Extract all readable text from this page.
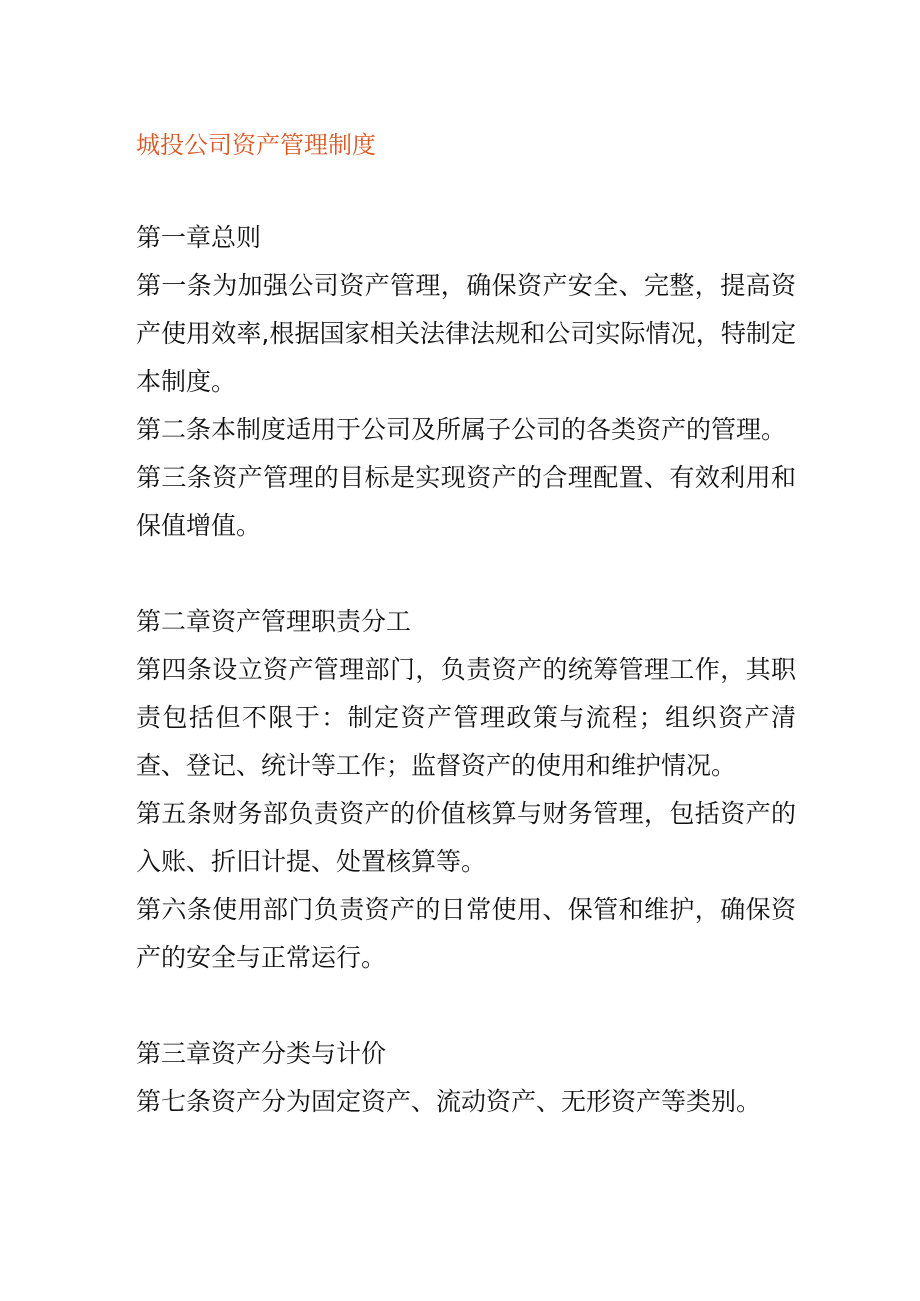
城投公司资产管理制度
第一章总则

第一条为加强公司资产管理，确保资产安全、完整，提高资产使用效率,根据国家相关法律法规和公司实际情况，特制定本制度。

第二条本制度适用于公司及所属子公司的各类资产的管理。

第三条资产管理的目标是实现资产的合理配置、有效利用和保值增值。

第二章资产管理职责分工

第四条设立资产管理部门，负责资产的统筹管理工作，其职责包括但不限于：制定资产管理政策与流程；组织资产清查、登记、统计等工作；监督资产的使用和维护情况。

第五条财务部负责资产的价值核算与财务管理，包括资产的入账、折旧计提、处置核算等。

第六条使用部门负责资产的日常使用、保管和维护，确保资产的安全与正常运行。

第三章资产分类与计价

第七条资产分为固定资产、流动资产、无形资产等类别。
